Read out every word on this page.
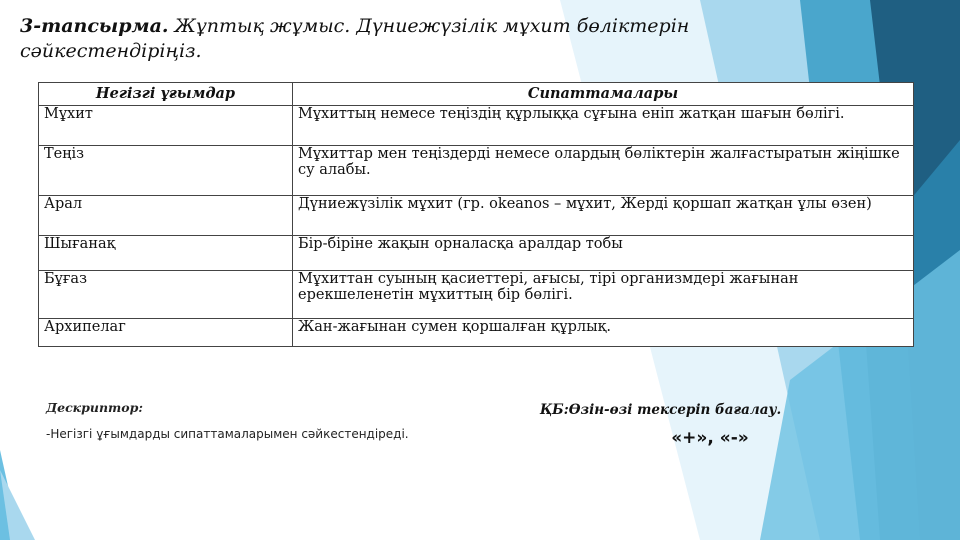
3-тапсырма. Жұптық жұмыс. Дүниежүзілік мұхит бөліктерін сәйкестендіріңіз.
Негізгі ұғымдар	Сипаттамалары
Мұхит	Мұхиттың немесе теңіздің құрлыққа сұғына еніп жатқан шағын бөлігі.
Теңіз	Мұхиттар мен теңіздерді немесе олардың бөліктерін жалғастыратын жіңішке су алабы.
Арал	Дүниежүзілік мұхит (гр. okeanos – мұхит, Жерді қоршап жатқан ұлы өзен)
Шығанақ	Бір-біріне жақын орналасқа аралдар тобы
Бұғаз	Мұхиттан суының қасиеттері, ағысы, тірі организмдері жағынан ерекшеленетін мұхиттың бір бөлігі.
Архипелаг	Жан-жағынан сумен қоршалған құрлық.
Дескриптор:
-Негізгі ұғымдарды сипаттамаларымен сәйкестендіреді.
ҚБ:Өзін-өзі тексеріп бағалау.
«+», «-»
